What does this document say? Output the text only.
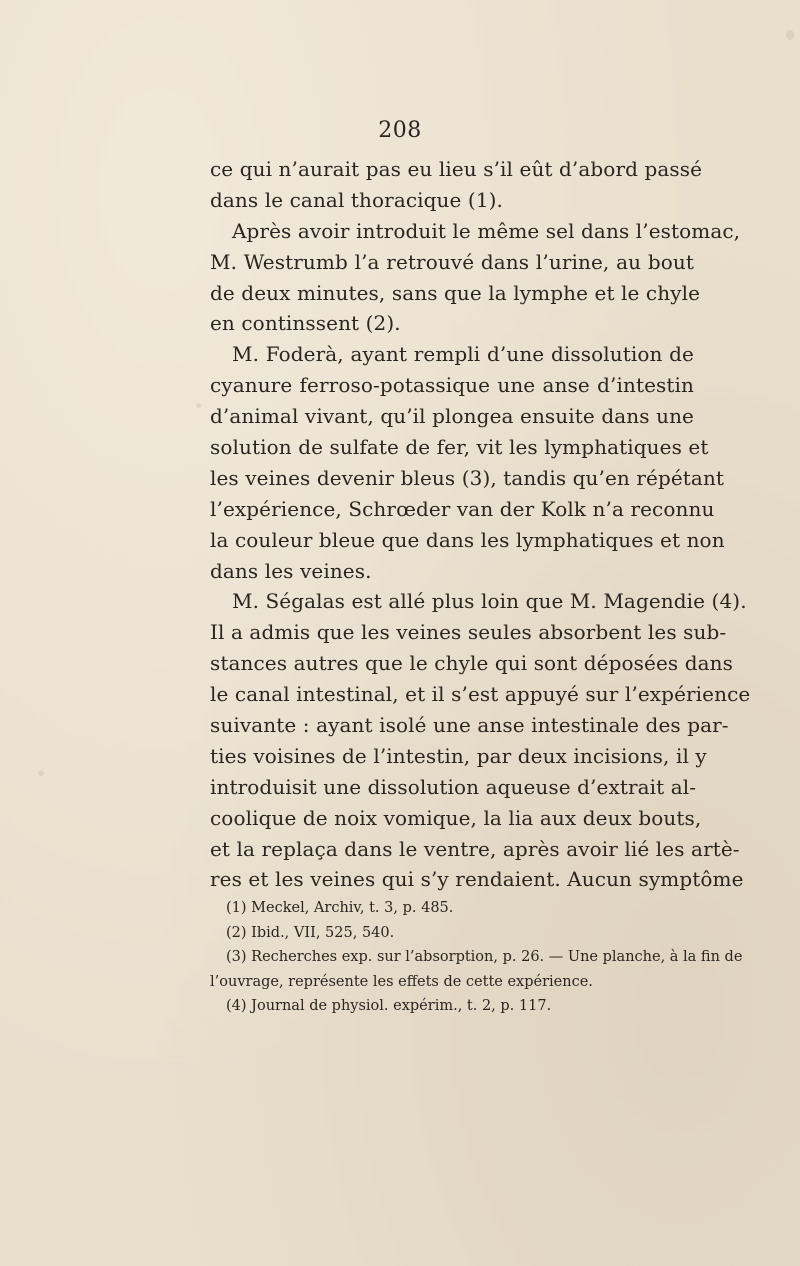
208
ce qui n’aurait pas eu lieu s’il eût d’abord passé
dans le canal thoracique (1).
Après avoir introduit le même sel dans l’estomac,
M. Westrumb l’a retrouvé dans l’urine, au bout
de deux minutes, sans que la lymphe et le chyle
en continssent (2).
M. Foderà, ayant rempli d’une dissolution de
cyanure ferroso-potassique une anse d’intestin
d’animal vivant, qu’il plongea ensuite dans une
solution de sulfate de fer, vit les lymphatiques et
les veines devenir bleus (3), tandis qu’en répétant
l’expérience, Schrœder van der Kolk n’a reconnu
la couleur bleue que dans les lymphatiques et non
dans les veines.
M. Ségalas est allé plus loin que M. Magendie (4).
Il a admis que les veines seules absorbent les sub-
stances autres que le chyle qui sont déposées dans
le canal intestinal, et il s’est appuyé sur l’expérience
suivante : ayant isolé une anse intestinale des par-
ties voisines de l’intestin, par deux incisions, il y
introduisit une dissolution aqueuse d’extrait al-
coolique de noix vomique, la lia aux deux bouts,
et la replaça dans le ventre, après avoir lié les artè-
res et les veines qui s’y rendaient. Aucun symptôme
(1) Meckel, Archiv, t. 3, p. 485.
(2) Ibid., VII, 525, 540.
(3) Recherches exp. sur l’absorption, p. 26. — Une planche, à la fin de
l’ouvrage, représente les effets de cette expérience.
(4) Journal de physiol. expérim., t. 2, p. 117.
